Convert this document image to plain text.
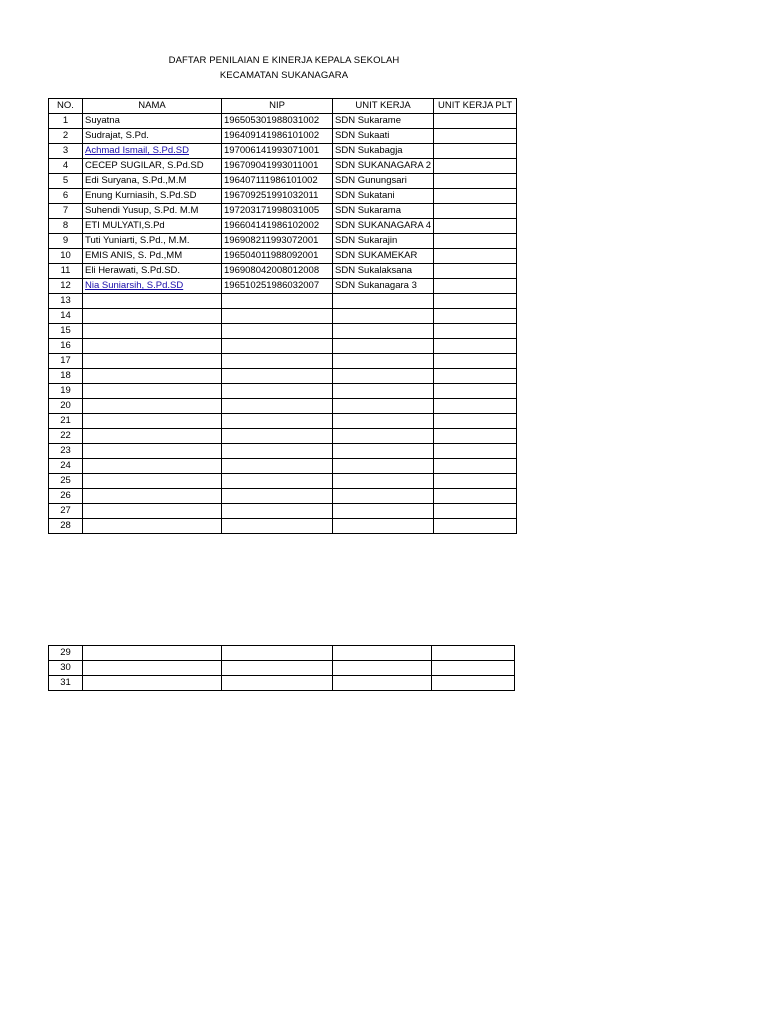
DAFTAR PENILAIAN E KINERJA KEPALA SEKOLAH
KECAMATAN SUKANAGARA
NO.	NAMA	NIP	UNIT KERJA	UNIT KERJA PLT
1	Suyatna	196505301988031002	SDN Sukarame	
2	Sudrajat, S.Pd.	196409141986101002	SDN Sukaati	
3	Achmad Ismail, S.Pd.SD	197006141993071001	SDN Sukabagja	
4	CECEP SUGILAR, S.Pd.SD	196709041993011001	SDN SUKANAGARA 2	
5	Edi Suryana, S.Pd.,M.M	196407111986101002	SDN Gunungsari	
6	Enung Kurniasih, S.Pd.SD	196709251991032011	SDN Sukatani	
7	Suhendi Yusup, S.Pd. M.M	197203171998031005	SDN Sukarama	
8	ETI MULYATI,S.Pd	196604141986102002	SDN SUKANAGARA 4	
9	Tuti Yuniarti, S.Pd., M.M.	196908211993072001	SDN Sukarajin	
10	EMIS ANIS, S. Pd.,MM	196504011988092001	SDN SUKAMEKAR	
11	Eli Herawati, S.Pd.SD.	196908042008012008	SDN Sukalaksana	
12	Nia Suniarsih, S.Pd.SD	196510251986032007	SDN Sukanagara 3	
13				
14				
15				
16				
17				
18				
19				
20				
21				
22				
23				
24				
25				
26				
27				
28				
29				
30				
31				
